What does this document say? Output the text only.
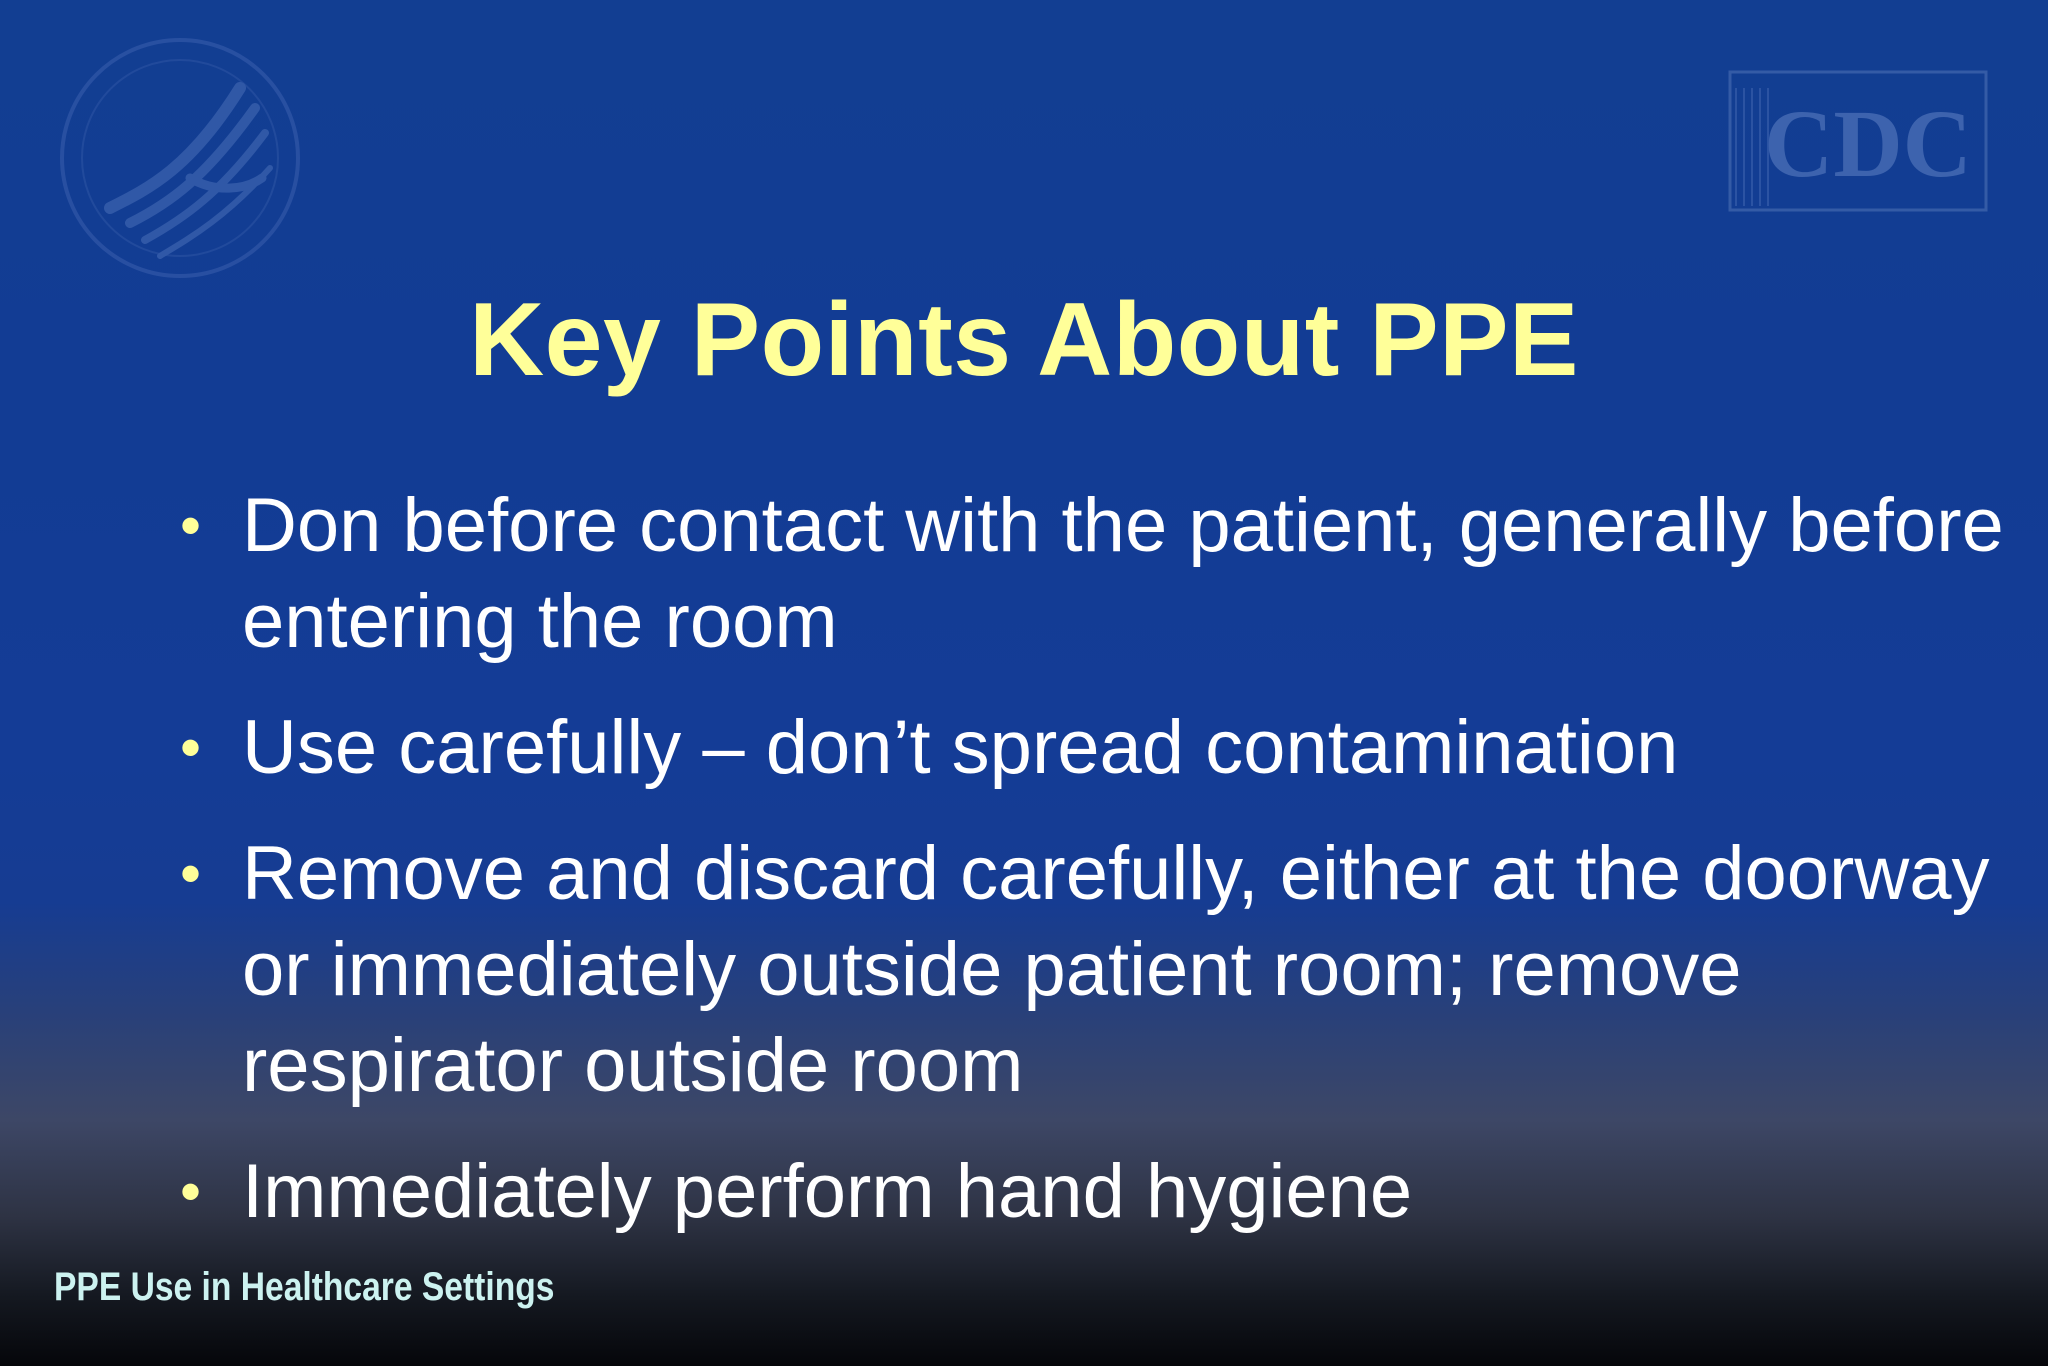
CDC
Key Points About PPE
• Don before contact with the patient, generally before entering the room
• Use carefully – don’t spread contamination
• Remove and discard carefully, either at the doorway or immediately outside patient room; remove respirator outside room
• Immediately perform hand hygiene
PPE Use in Healthcare Settings
